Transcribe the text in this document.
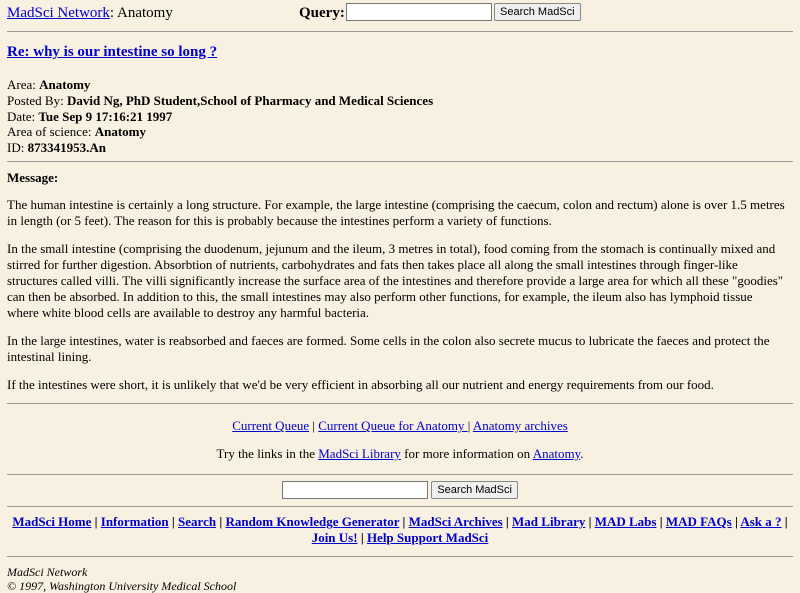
MadSci Network: Anatomy	Query:	Search MadSci
Re: why is our intestine so long ?
Area: Anatomy
Posted By: David Ng, PhD Student,School of Pharmacy and Medical Sciences
Date: Tue Sep 9 17:16:21 1997
Area of science: Anatomy
ID: 873341953.An
Message:

The human intestine is certainly a long structure. For example, the large intestine (comprising the caecum, colon and rectum) alone is over 1.5 metres in length (or 5 feet). The reason for this is probably because the intestines perform a variety of functions.

In the small intestine (comprising the duodenum, jejunum and the ileum, 3 metres in total), food coming from the stomach is continually mixed and stirred for further digestion. Absorbtion of nutrients, carbohydrates and fats then takes place all along the small intestines through finger-like structures called villi. The villi significantly increase the surface area of the intestines and therefore provide a large area for which all these "goodies" can then be absorbed. In addition to this, the small intestines may also perform other functions, for example, the ileum also has lymphoid tissue where white blood cells are available to destroy any harmful bacteria.

In the large intestines, water is reabsorbed and faeces are formed. Some cells in the colon also secrete mucus to lubricate the faeces and protect the intestinal lining.

If the intestines were short, it is unlikely that we'd be very efficient in absorbing all our nutrient and energy requirements from our food.

Current Queue | Current Queue for Anatomy | Anatomy archives
Try the links in the MadSci Library for more information on Anatomy.
Search MadSci
MadSci Home | Information | Search | Random Knowledge Generator | MadSci Archives | Mad Library | MAD Labs | MAD FAQs | Ask a ? | Join Us! | Help Support MadSci
MadSci Network
© 1997, Washington University Medical School
